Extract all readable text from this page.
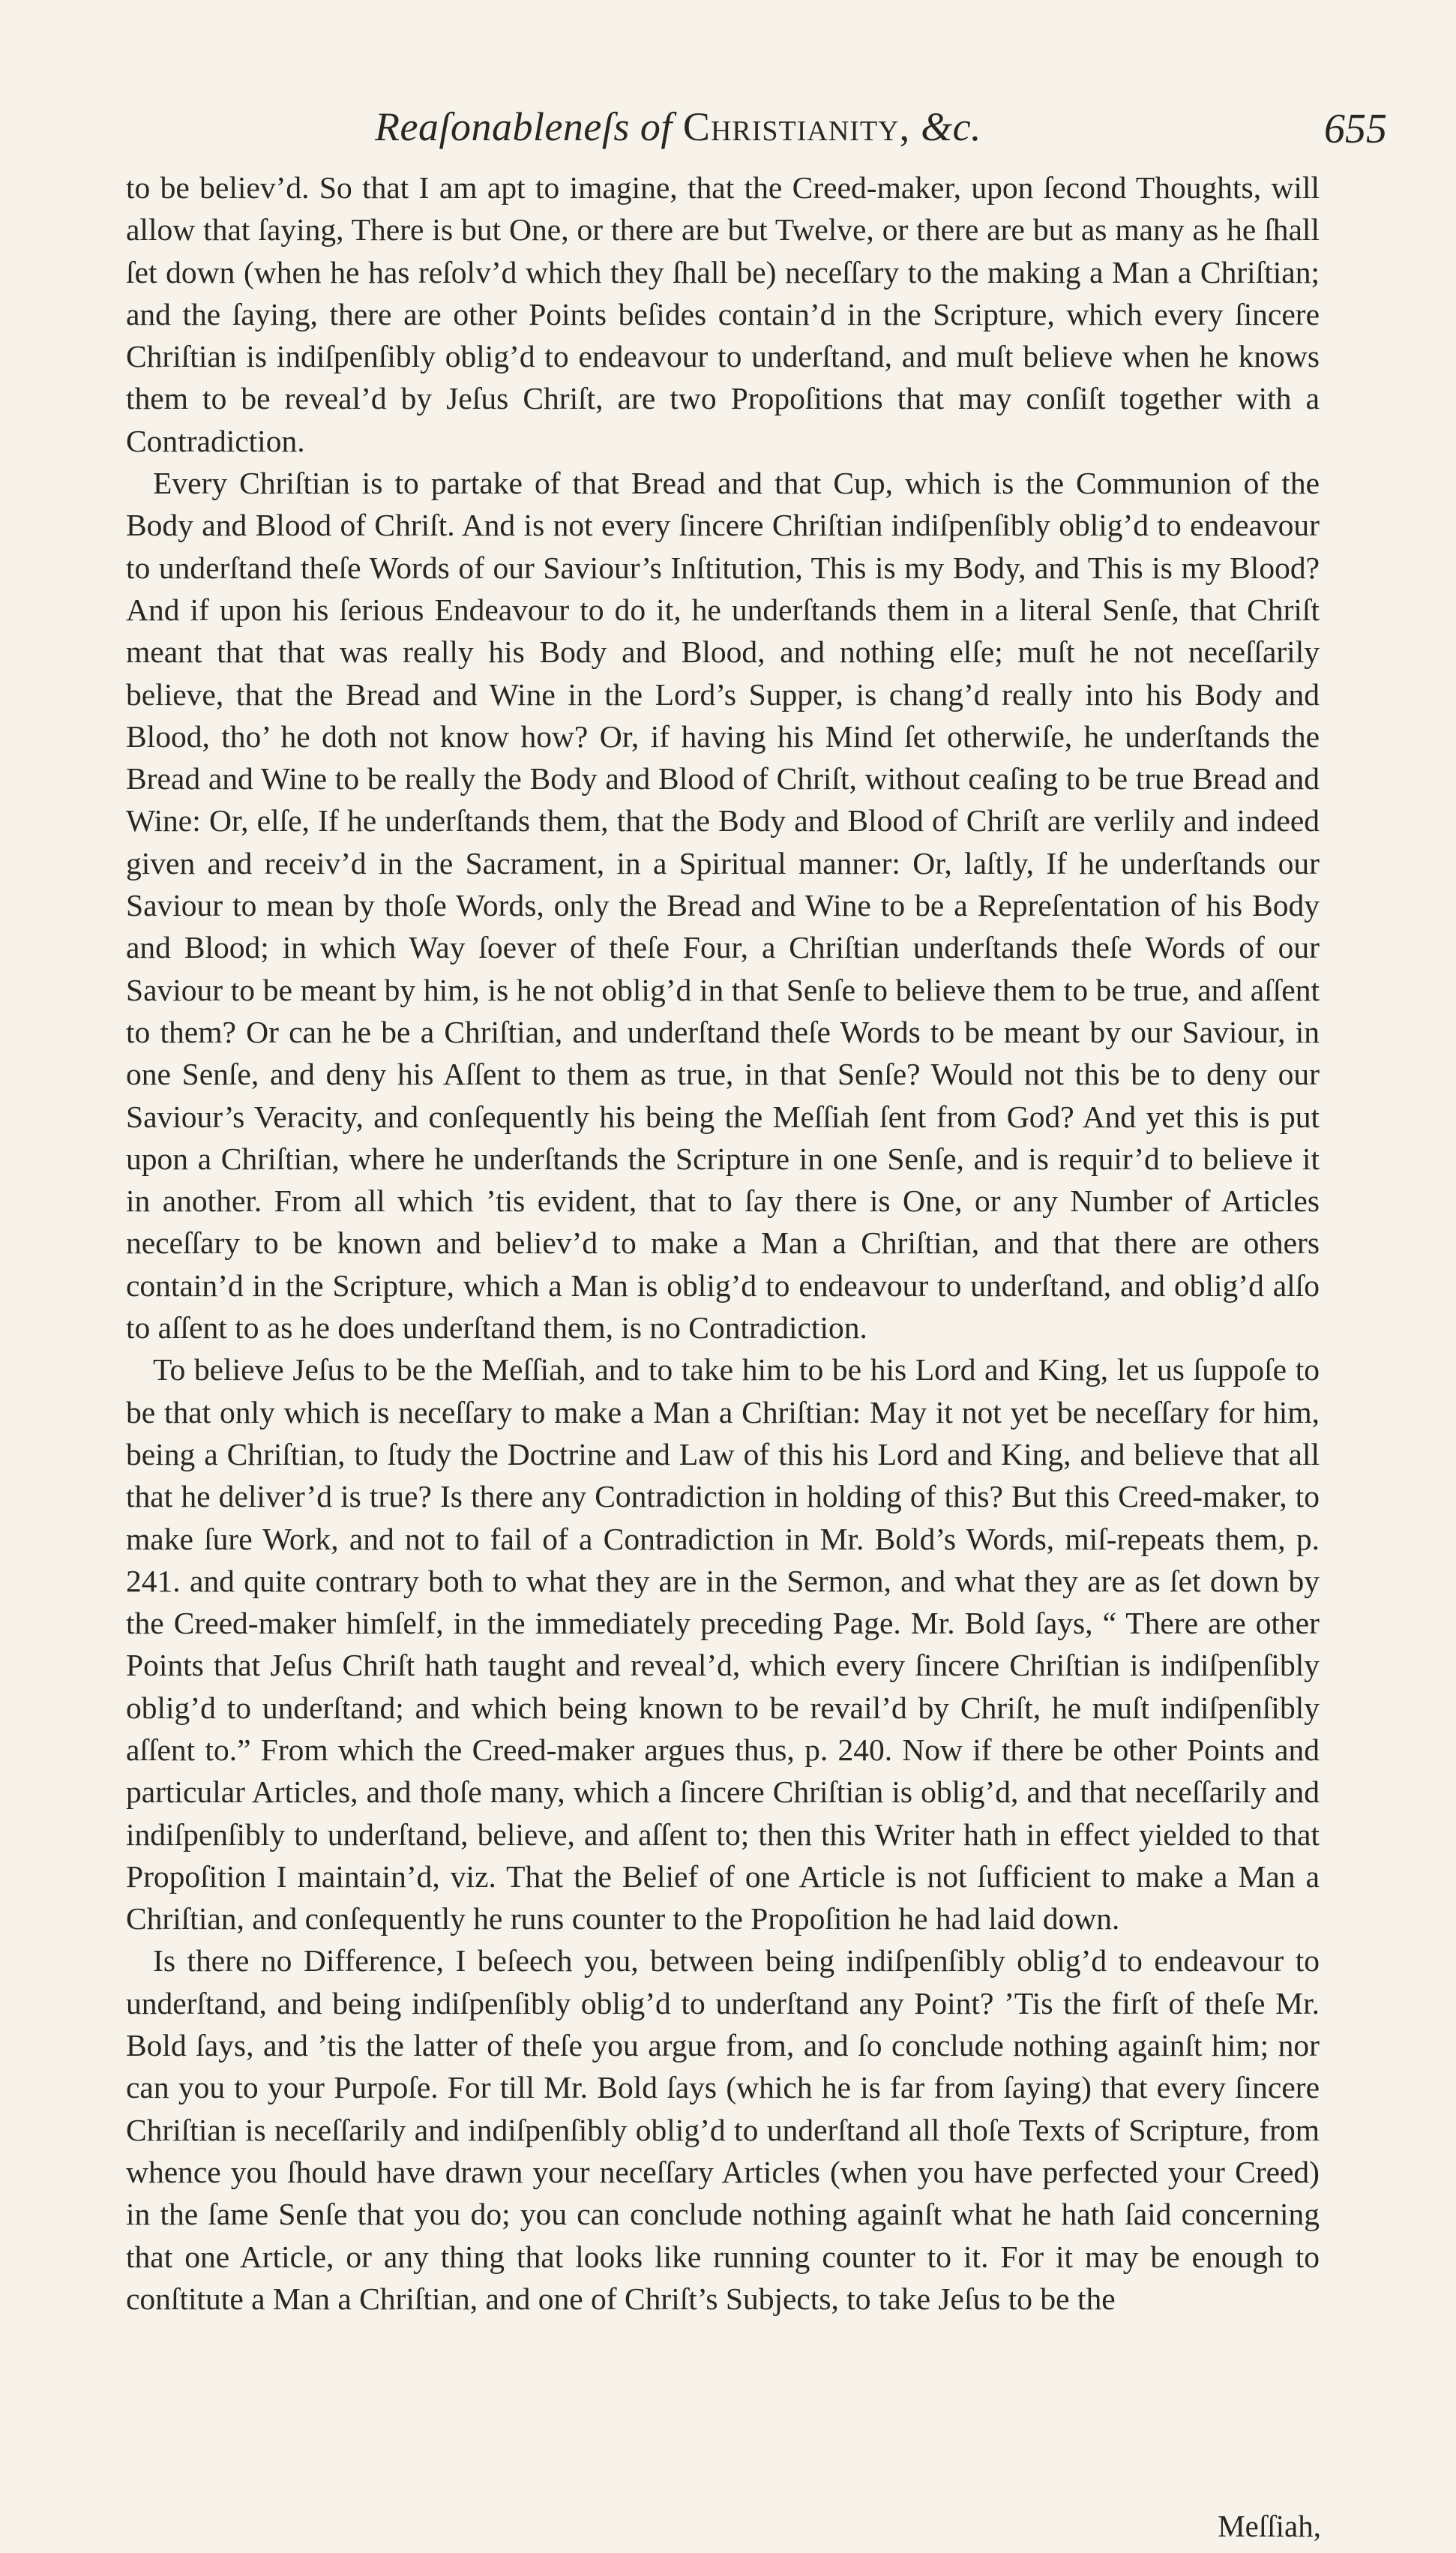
Reaſonableneſs of Christianity, &c.	655

to be believ’d. So that I am apt to imagine, that the Creed-maker, upon ſecond Thoughts, will allow that ſaying, There is but One, or there are but Twelve, or there are but as many as he ſhall ſet down (when he has reſolv’d which they ſhall be) neceſſary to the making a Man a Chriſtian; and the ſaying, there are other Points beſides contain’d in the Scripture, which every ſincere Chriſtian is indiſpenſibly oblig’d to endeavour to underſtand, and muſt believe when he knows them to be reveal’d by Jeſus Chriſt, are two Propoſitions that may conſiſt together with a Contradiction.

Every Chriſtian is to partake of that Bread and that Cup, which is the Communion of the Body and Blood of Chriſt. And is not every ſincere Chriſtian indiſpenſibly oblig’d to endeavour to underſtand theſe Words of our Saviour’s Inſtitution, This is my Body, and This is my Blood? And if upon his ſerious Endeavour to do it, he underſtands them in a literal Senſe, that Chriſt meant that that was really his Body and Blood, and nothing elſe; muſt he not neceſſarily believe, that the Bread and Wine in the Lord’s Supper, is chang’d really into his Body and Blood, tho’ he doth not know how? Or, if having his Mind ſet otherwiſe, he underſtands the Bread and Wine to be really the Body and Blood of Chriſt, without ceaſing to be true Bread and Wine: Or, elſe, If he underſtands them, that the Body and Blood of Chriſt are verlily and indeed given and receiv’d in the Sacrament, in a Spiritual manner: Or, laſtly, If he underſtands our Saviour to mean by thoſe Words, only the Bread and Wine to be a Repreſentation of his Body and Blood; in which Way ſoever of theſe Four, a Chriſtian underſtands theſe Words of our Saviour to be meant by him, is he not oblig’d in that Senſe to believe them to be true, and aſſent to them? Or can he be a Chriſtian, and underſtand theſe Words to be meant by our Saviour, in one Senſe, and deny his Aſſent to them as true, in that Senſe? Would not this be to deny our Saviour’s Veracity, and conſequently his being the Meſſiah ſent from God? And yet this is put upon a Chriſtian, where he underſtands the Scripture in one Senſe, and is requir’d to believe it in another. From all which ’tis evident, that to ſay there is One, or any Number of Articles neceſſary to be known and believ’d to make a Man a Chriſtian, and that there are others contain’d in the Scripture, which a Man is oblig’d to endeavour to underſtand, and oblig’d alſo to aſſent to as he does underſtand them, is no Contradiction.

To believe Jeſus to be the Meſſiah, and to take him to be his Lord and King, let us ſuppoſe to be that only which is neceſſary to make a Man a Chriſtian: May it not yet be neceſſary for him, being a Chriſtian, to ſtudy the Doctrine and Law of this his Lord and King, and believe that all that he deliver’d is true? Is there any Contradiction in holding of this? But this Creed-maker, to make ſure Work, and not to fail of a Contradiction in Mr. Bold’s Words, miſ-repeats them, p. 241. and quite contrary both to what they are in the Sermon, and what they are as ſet down by the Creed-maker himſelf, in the immediately preceding Page. Mr. Bold ſays, “ There are other Points that Jeſus Chriſt hath taught and reveal’d, which every ſincere Chriſtian is indiſpenſibly oblig’d to underſtand; and which being known to be revail’d by Chriſt, he muſt indiſpenſibly aſſent to.” From which the Creed-maker argues thus, p. 240. Now if there be other Points and particular Articles, and thoſe many, which a ſincere Chriſtian is oblig’d, and that neceſſarily and indiſpenſibly to underſtand, believe, and aſſent to; then this Writer hath in effect yielded to that Propoſition I maintain’d, viz. That the Belief of one Article is not ſufficient to make a Man a Chriſtian, and conſequently he runs counter to the Propoſition he had laid down.

Is there no Difference, I beſeech you, between being indiſpenſibly oblig’d to endeavour to underſtand, and being indiſpenſibly oblig’d to underſtand any Point? ’Tis the firſt of theſe Mr. Bold ſays, and ’tis the latter of theſe you argue from, and ſo conclude nothing againſt him; nor can you to your Purpoſe. For till Mr. Bold ſays (which he is far from ſaying) that every ſincere Chriſtian is neceſſarily and indiſpenſibly oblig’d to underſtand all thoſe Texts of Scripture, from whence you ſhould have drawn your neceſſary Articles (when you have perfected your Creed) in the ſame Senſe that you do; you can conclude nothing againſt what he hath ſaid concerning that one Article, or any thing that looks like running counter to it. For it may be enough to conſtitute a Man a Chriſtian, and one of Chriſt’s Subjects, to take Jeſus to be the

Meſſiah,
